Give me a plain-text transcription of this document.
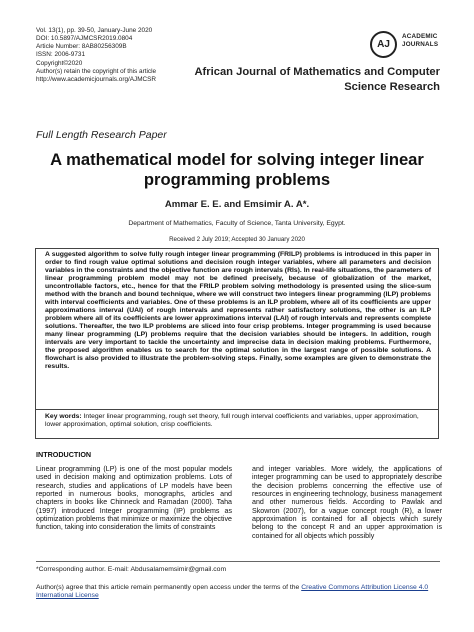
Vol. 13(1), pp. 39-50, January-June 2020
DOI: 10.5897/AJMCSR2019.0804
Article Number: 8AB80256309B
ISSN: 2006-9731
Copyright©2020
Author(s) retain the copyright of this article
http://www.academicjournals.org/AJMCSR
AJ
ACADEMIC
JOURNALS
African Journal of Mathematics and Computer
Science Research
Full Length Research Paper
A mathematical model for solving integer linear
programming problems
Ammar E. E. and Emsimir A. A*.
Department of Mathematics, Faculty of Science, Tanta University, Egypt.
Received 2 July 2019; Accepted 30 January 2020
A suggested algorithm to solve fully rough integer linear programming (FRILP) problems is introduced in this paper in order to find rough value optimal solutions and decision rough integer variables, where all parameters and decision variables in the constraints and the objective function are rough intervals (RIs). In real-life situations, the parameters of linear programming problem model may not be defined precisely, because of globalization of the market, uncontrollable factors, etc., hence for that the FRILP problem solving methodology is presented using the slice-sum method with the branch and bound technique, where we will construct two integers linear programming (ILP) problems with interval coefficients and variables. One of these problems is an ILP problem, where all of its coefficients are upper approximations interval (UAI) of rough intervals and represents rather satisfactory solutions, the other is an ILP problem where all of its coefficients are lower approximations interval (LAI) of rough intervals and represents complete solutions. Thereafter, the two ILP problems are sliced into four crisp problems. Integer programming is used because many linear programming (LP) problems require that the decision variables should be integers. In addition, rough intervals are very important to tackle the uncertainty and imprecise data in decision making problems. Furthermore, the proposed algorithm enables us to search for the optimal solution in the largest range of possible solutions. A flowchart is also provided to illustrate the problem-solving steps. Finally, some examples are given to demonstrate the results.
Key words: Integer linear programming, rough set theory, full rough interval coefficients and variables, upper approximation, lower approximation, optimal solution, crisp coefficients.
INTRODUCTION
Linear programming (LP) is one of the most popular models used in decision making and optimization problems. Lots of research, studies and applications of LP models have been reported in numerous books, monographs, articles and chapters in books like Chinneck and Ramadan (2000). Taha (1997) introduced Integer programming (IP) problems as optimization problems that minimize or maximize the objective function, taking into consideration the limits of constraints
and integer variables. More widely, the applications of integer programming can be used to appropriately describe the decision problems concerning the effective use of resources in engineering technology, business management and other numerous fields. According to Pawlak and Skowron (2007), for a vague concept rough (R), a lower approximation is contained for all objects which surely belong to the concept R and an upper approximation is contained for all objects which possibly
*Corresponding author. E-mail: Abdusalamemsimir@gmail.com
Author(s) agree that this article remain permanently open access under the terms of the Creative Commons Attribution License 4.0 International License
